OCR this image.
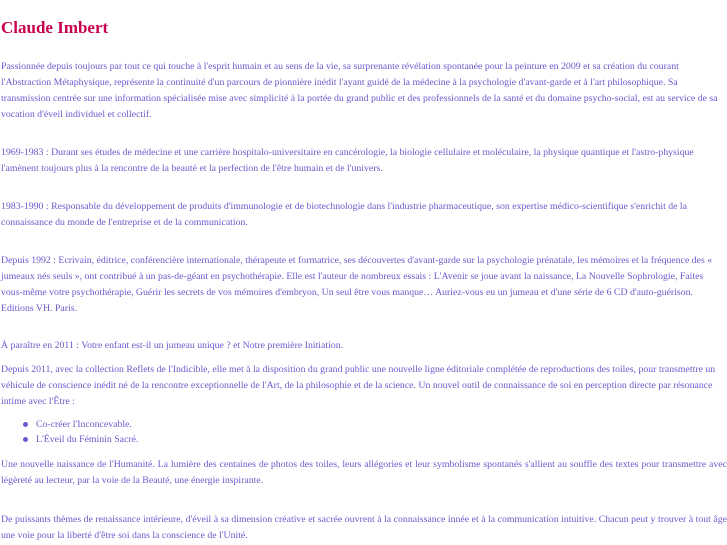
Claude Imbert

Passionnée depuis toujours par tout ce qui touche à l'esprit humain et au sens de la vie, sa surprenante révélation spontanée pour la peinture en 2009 et sa création du courant l'Abstraction Métaphysique, représente la continuité d'un parcours de pionnière inédit l'ayant guidé de la médecine à la psychologie d'avant-garde et à l'art philosophique. Sa transmission centrée sur une information spécialisée mise avec simplicité à la portée du grand public et des professionnels de la santé et du domaine psycho-social, est au service de sa vocation d'éveil individuel et collectif.

1969-1983 : Durant ses études de médecine et une carrière hospitalo-universitaire en cancérologie, la biologie cellulaire et moléculaire, la physique quantique et l'astro-physique l'amènent toujours plus à la rencontre de la beauté et la perfection de l'être humain et de l'univers.

1983-1990 : Responsable du développement de produits d'immunologie et de biotechnologie dans l'industrie pharmaceutique, son expertise médico-scientifique s'enrichit de la connaissance du monde de l'entreprise et de la communication.

Depuis 1992 : Ecrivain, éditrice, conférencière internationale, thérapeute et formatrice, ses découvertes d'avant-garde sur la psychologie prénatale, les mémoires et la fréquence des « jumeaux nés seuls », ont contribué à un pas-de-géant en psychothérapie. Elle est l'auteur de nombreux essais : L'Avenir se joue avant la naissance, La Nouvelle Sophrologie, Faites vous-même votre psychothérapie, Guérir les secrets de vos mémoires d'embryon, Un seul être vous manque… Auriez-vous eu un jumeau et d'une série de 6 CD d'auto-guérison. Editions VH. Paris.

À paraître en 2011 : Votre enfant est-il un jumeau unique ? et Notre première Initiation.

Depuis 2011, avec la collection Reflets de l'Indicible, elle met à la disposition du grand public une nouvelle ligne éditoriale complétée de reproductions des toiles, pour transmettre un véhicule de conscience inédit né de la rencontre exceptionnelle de l'Art, de la philosophie et de la science. Un nouvel outil de connaissance de soi en perception directe par résonance intime avec l'Être :

Co-créer l'Inconcevable.
L'Éveil du Féminin Sacré.

Une nouvelle naissance de l'Humanité. La lumière des centaines de photos des toiles, leurs allégories et leur symbolisme spontanés s'allient au souffle des textes pour transmettre avec légèreté au lecteur, par la voie de la Beauté, une énergie inspirante.

De puissants thèmes de renaissance intérieure, d'éveil à sa dimension créative et sacrée ouvrent à la connaissance innée et à la communication intuitive. Chacun peut y trouver à tout âge une voie pour la liberté d'être soi dans la conscience de l'Unité.
